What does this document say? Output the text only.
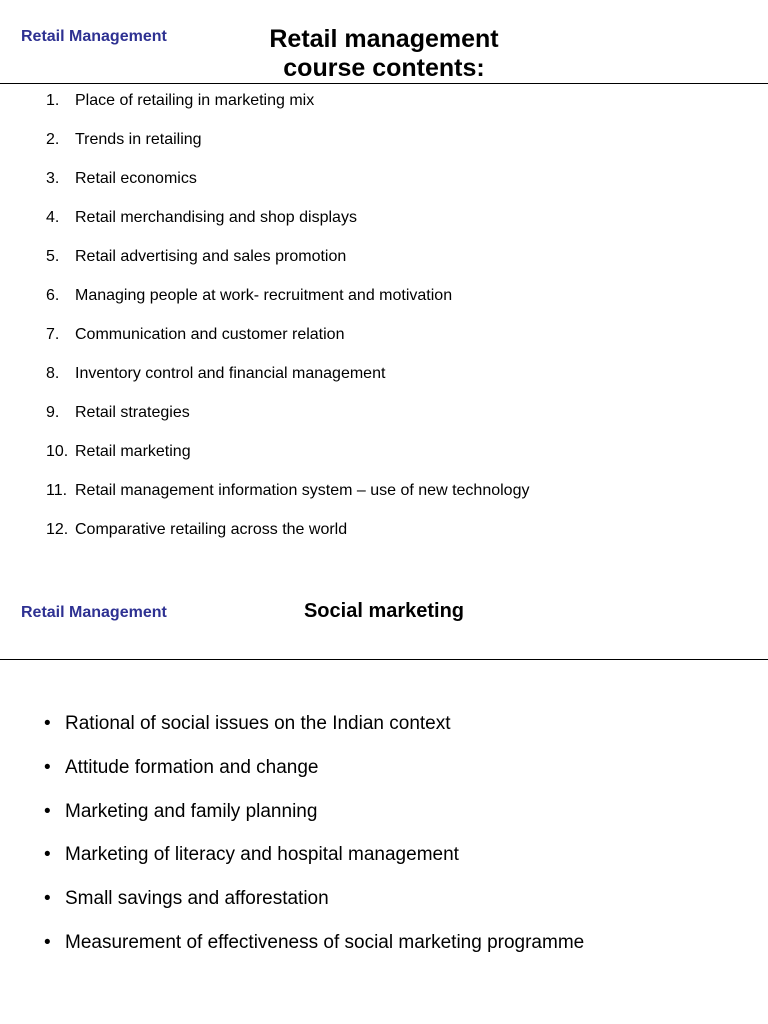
Retail Management	Retail management
course contents:
1. Place of retailing in marketing mix
2. Trends in retailing
3. Retail economics
4. Retail merchandising and shop displays
5. Retail advertising and sales promotion
6. Managing people at work- recruitment and motivation
7. Communication and customer relation
8. Inventory control and financial management
9. Retail strategies
10. Retail marketing
11. Retail management information system – use of new technology
12. Comparative retailing across the world
Retail Management	Social marketing
• Rational of social issues on the Indian context
• Attitude formation and change
• Marketing and family planning
• Marketing of literacy and hospital management
• Small savings and afforestation
• Measurement of effectiveness of social marketing programme
